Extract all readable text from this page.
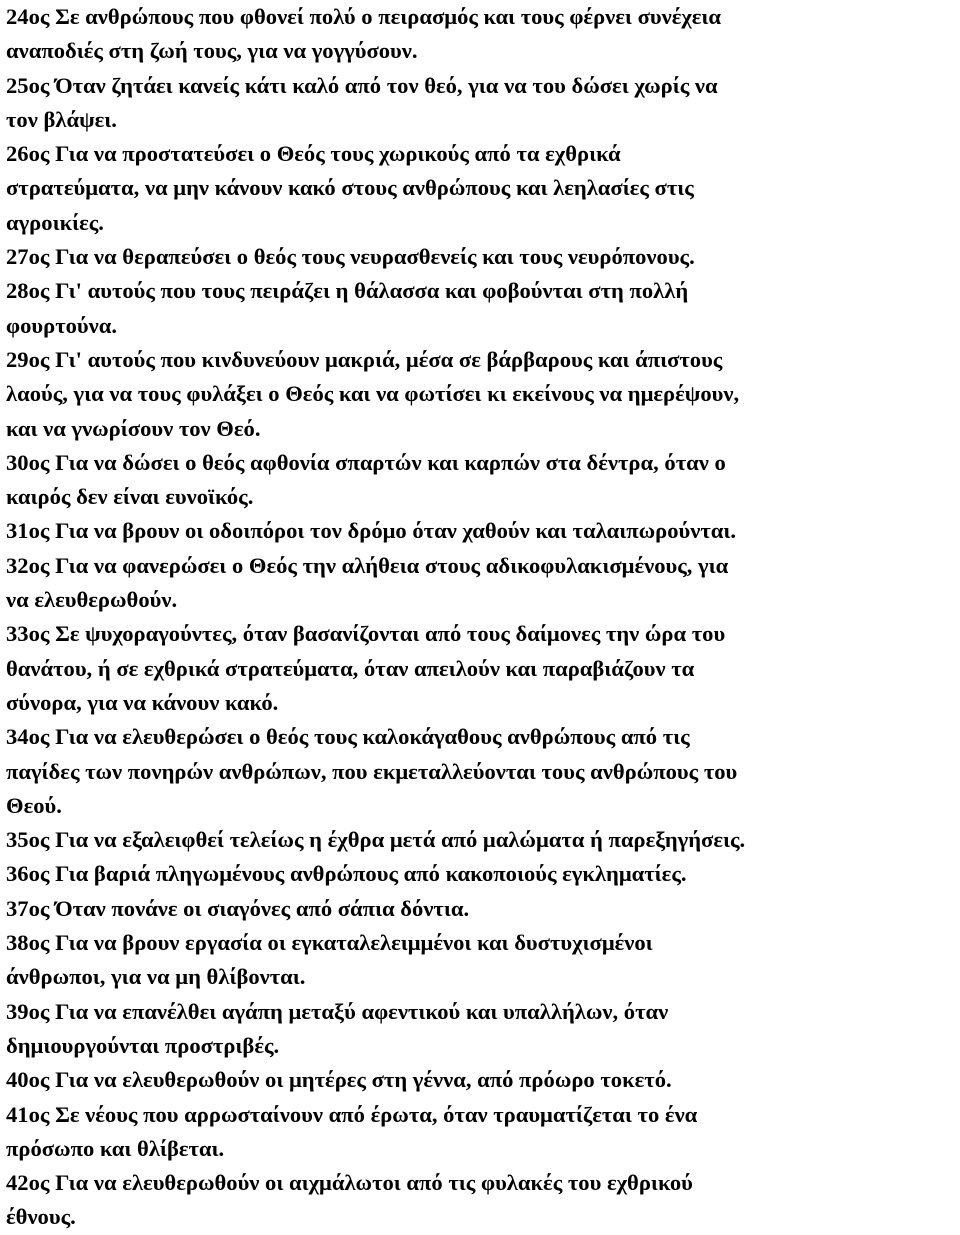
24ος Σε ανθρώπους που φθονεί πολύ ο πειρασμός και τους φέρνει συνέχεια
αναποδιές στη ζωή τους, για να γογγύσουν.

25ος Όταν ζητάει κανείς κάτι καλό από τον θεό, για να του δώσει χωρίς να
τον βλάψει.

26ος Για να προστατεύσει ο Θεός τους χωρικούς από τα εχθρικά
στρατεύματα, να μην κάνουν κακό στους ανθρώπους και λεηλασίες στις
αγροικίες.

27ος Για να θεραπεύσει ο θεός τους νευρασθενείς και τους νευρόπονους.

28ος Γι' αυτούς που τους πειράζει η θάλασσα και φοβούνται στη πολλή
φουρτούνα.

29ος Γι' αυτούς που κινδυνεύουν μακριά, μέσα σε βάρβαρους και άπιστους
λαούς, για να τους φυλάξει ο Θεός και να φωτίσει κι εκείνους να ημερέψουν,
και να γνωρίσουν τον Θεό.

30ος Για να δώσει ο θεός αφθονία σπαρτών και καρπών στα δέντρα, όταν ο
καιρός δεν είναι ευνοϊκός.

31ος Για να βρουν οι οδοιπόροι τον δρόμο όταν χαθούν και ταλαιπωρούνται.

32ος Για να φανερώσει ο Θεός την αλήθεια στους αδικοφυλακισμένους, για
να ελευθερωθούν.

33ος Σε ψυχοραγούντες, όταν βασανίζονται από τους δαίμονες την ώρα του
θανάτου, ή σε εχθρικά στρατεύματα, όταν απειλούν και παραβιάζουν τα
σύνορα, για να κάνουν κακό.

34ος Για να ελευθερώσει ο θεός τους καλοκάγαθους ανθρώπους από τις
παγίδες των πονηρών ανθρώπων, που εκμεταλλεύονται τους ανθρώπους του
Θεού.

35ος Για να εξαλειφθεί τελείως η έχθρα μετά από μαλώματα ή παρεξηγήσεις.

36ος Για βαριά πληγωμένους ανθρώπους από κακοποιούς εγκληματίες.

37ος Όταν πονάνε οι σιαγόνες από σάπια δόντια.

38ος Για να βρουν εργασία οι εγκαταλελειμμένοι και δυστυχισμένοι
άνθρωποι, για να μη θλίβονται.

39ος Για να επανέλθει αγάπη μεταξύ αφεντικού και υπαλλήλων, όταν
δημιουργούνται προστριβές.

40ος Για να ελευθερωθούν οι μητέρες στη γέννα, από πρόωρο τοκετό.

41ος Σε νέους που αρρωσταίνουν από έρωτα, όταν τραυματίζεται το ένα
πρόσωπο και θλίβεται.

42ος Για να ελευθερωθούν οι αιχμάλωτοι από τις φυλακές του εχθρικού
έθνους.
